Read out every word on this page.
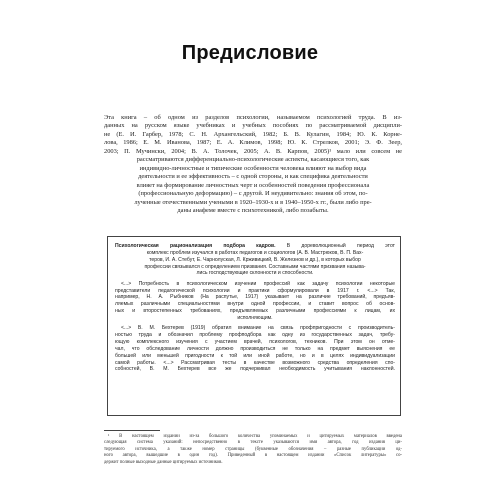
Предисловие
Эта книга – об одном из разделов психологии, называемом психологией труда. В из-
данных на русском языке учебниках и учебных пособиях по рассматриваемой дисципли-
не (Е. И. Гарбер, 1978; С. Н. Архангельский, 1982; Б. В. Кулагин, 1984; Ю. К. Корне-
лова, 1986; Е. М. Иванова, 1987; Е. А. Климов, 1998; Ю. К. Стрелков, 2001; Э. Ф. Зеер,
2003; П. Мучински, 2004; В. А. Толочек, 2005; А. В. Карпов, 2005)¹ мало или совсем не
рассматриваются дифференциально-психологические аспекты, касающиеся того, как
индивидно-личностные и типические особенности человека влияют на выбор вида
деятельности и ее эффективность – с одной стороны, и как специфика деятельности
влияет на формирование личностных черт и особенностей поведения профессионала
(профессиональную деформацию) – с другой. И неудивительно: знания об этом, по-
лученные отечественными учеными в 1920–1930-х и в 1940–1950-х гг., были либо пре-
даны анафеме вместе с психотехникой, либо позабыты.
Психологическая рационализация подбора кадров. В дореволюционный период этот
комплекс проблем изучался в работах педагогов и социологов (А. В. Мастрюков, В. П. Вах-
теров, И. А. Стебут, Е. Чарнолуская, Л. Крживицкий, В. Железнов и др.), в которых выбор
профессии связывался с определением призвания. Составными частями призвания называ-
лись господствующие склонности и способности.
<...> Потребность в психологическом изучении профессий как задачу психологии некоторые
представители педагогической психологии и практики сформулировали в 1917 г. <...> Так,
например, Н. А. Рыбников (На распутье, 1917) указывает на различие требований, предъяв-
ляемых различными специальностями внутри одной профессии, и ставит вопрос об основ-
ных и второстепенных требованиях, предъявляемых различными профессиями к лицам, их
исполняющим.
<...> В. М. Бехтерев (1919) обратил внимание на связь профпригодности с производитель-
ностью труда и обозначил проблему профподбора как одну из государственных задач, требу-
ющую комплексного изучения с участием врачей, психологов, техников. При этом он отме-
чал, что обследование личности должно производиться не только на предмет выяснения ее
большей или меньшей пригодности к той или иной работе, но и в целях индивидуализации
самой работы. <...> Рассматривая тесты в качестве возможного средства определения спо-
собностей, В. М. Бехтерев все же подчеркивал необходимость учитывания наклонностей.
¹ В настоящем издании из-за большого количества упоминаемых и цитируемых материалов введена
следующая система указаний: непосредственно в тексте указываются имя автора, год издания ци-
тируемого источника, а также номер страницы (буквенные обозначения – разные публикации од-
ного автора, вышедшие в один год). Приведенный в настоящем издании «Список литературы» со-
держит полные выходные данные цитируемых источников.
